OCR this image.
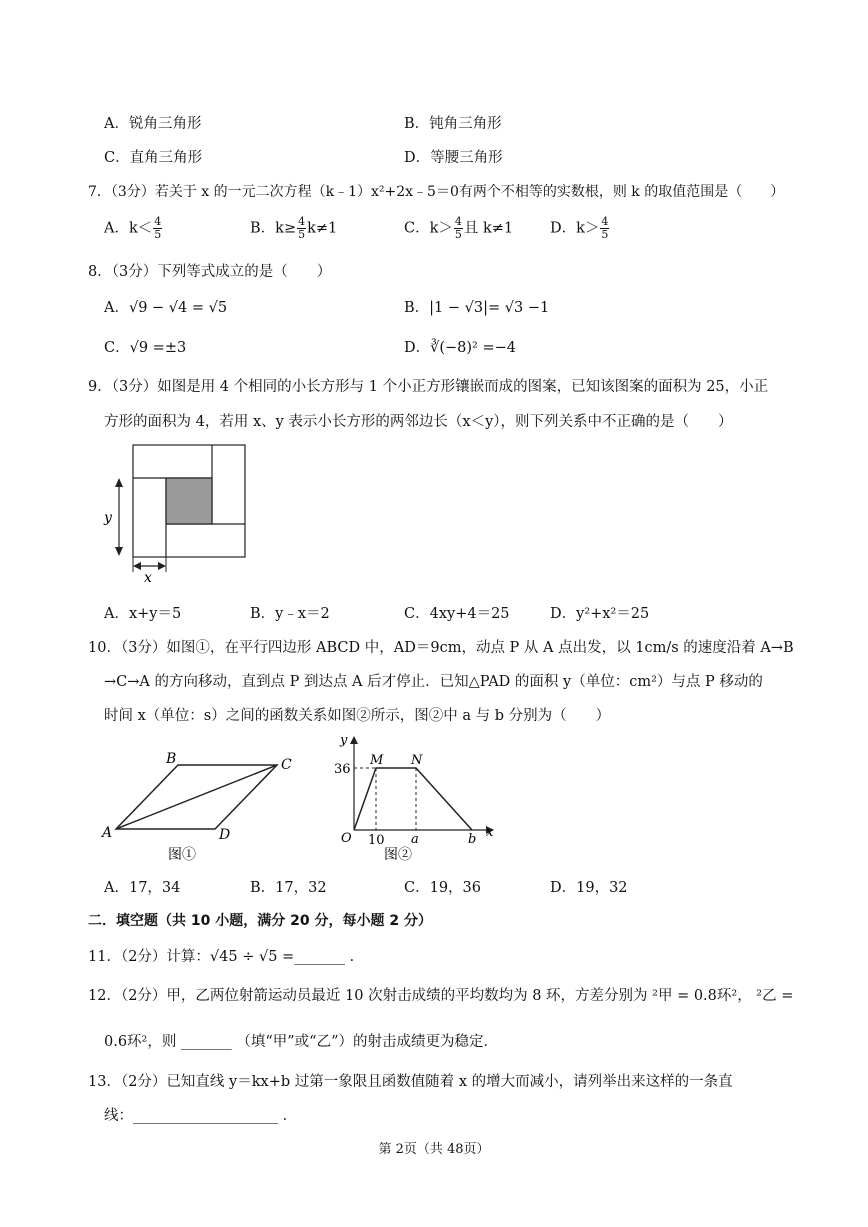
A．锐角三角形	B．钝角三角形
C．直角三角形	D．等腰三角形
7．（3分）若关于 x 的一元二次方程（k﹣1）x²+2x﹣5＝0有两个不相等的实数根，则 k 的取值范围是（　　）
A．$k< \frac{4}{5}$	B．$k\ge \frac{4}{5} k\ne 1$	C．$k> \frac{4}{5}$ 且 k≠1	D．$k> \frac{4}{5}$
8．（3分）下列等式成立的是（　　）
A．√9 − √4 = √5	B．|1 − √3|= √3 −1
C．√9 =±3	D．∛(−8)² =−4
9．（3分）如图是用 4 个相同的小长方形与 1 个小正方形镶嵌而成的图案，已知该图案的面积为 25，小正
方形的面积为 4，若用 x、y 表示小长方形的两邻边长（x＜y），则下列关系中不正确的是（　　）
y
x
A．x+y＝5	B．y﹣x＝2	C．4xy+4＝25	D．y²+x²＝25
10．（3分）如图①，在平行四边形 ABCD 中，AD＝9cm，动点 P 从 A 点出发，以 1cm/s 的速度沿着 A→B
→C→A 的方向移动，直到点 P 到达点 A 后才停止．已知△PAD 的面积 y（单位：cm²）与点 P 移动的
时间 x（单位：s）之间的函数关系如图②所示，图②中 a 与 b 分别为（　　）
B	C
A	D
图①
y
x
36
M N
O 10 a	b
图②
A．17，34	B．17，32	C．19，36	D．19，32
二．填空题（共 10 小题，满分 20 分，每小题 2 分）
11．（2分）计算：√45 ÷ √5 =_______ ．
12．（2分）甲，乙两位射箭运动员最近 10 次射击成绩的平均数均为 8 环，方差分别为 ²甲 = 0.8环²， ²乙 =
0.6环²，则 _______ （填“甲”或“乙”）的射击成绩更为稳定．
13．（2分）已知直线 y＝kx+b 过第一象限且函数值随着 x 的增大而减小，请列举出来这样的一条直
线：____________________ ．
第 2页（共 48页）
